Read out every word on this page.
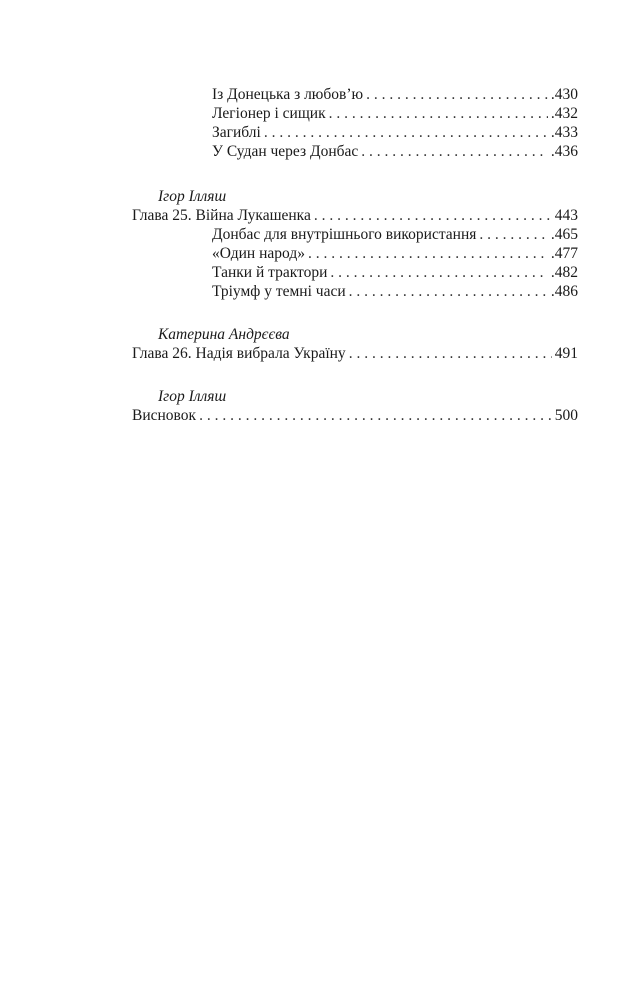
Із Донецька з любов’ю . . .	.430
Легіонер і сищик . . .	.432
Загиблі . . .	.433
У Судан через Донбас . . .	.436
Ігор Ілляш
Глава 25. Війна Лукашенка . . .	443
Донбас для внутрішнього використання . . .	.465
«Один народ» . . .	.477
Танки й трактори . . .	.482
Тріумф у темні часи . . .	.486
Катерина Андрєєва
Глава 26. Надія вибрала Україну . . .	491
Ігор Ілляш
Висновок . . .	500
